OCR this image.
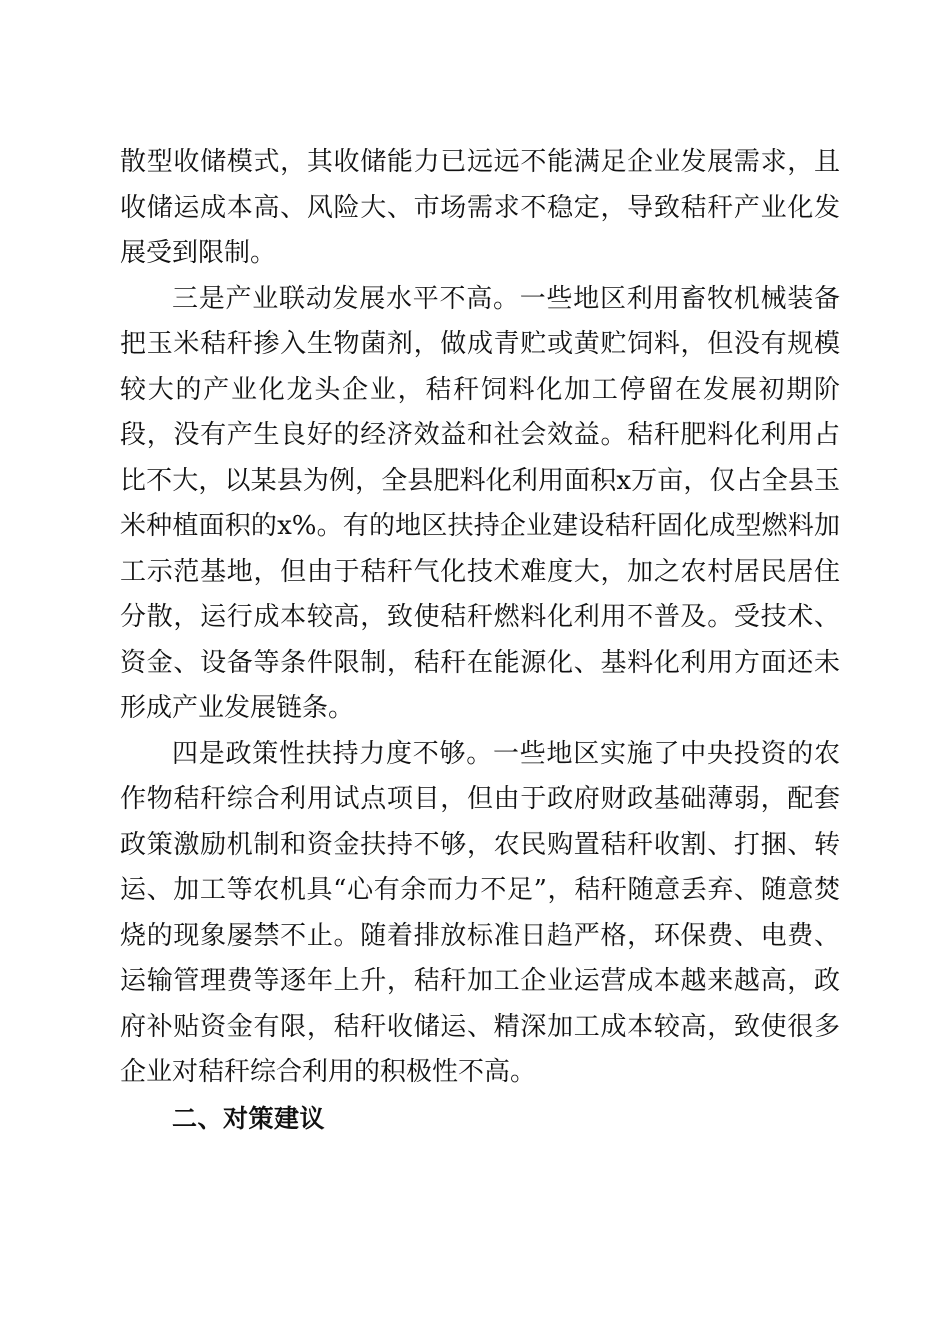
散型收储模式，其收储能力已远远不能满足企业发展需求，且收储运成本高、风险大、市场需求不稳定，导致秸秆产业化发展受到限制。

三是产业联动发展水平不高。一些地区利用畜牧机械装备把玉米秸秆掺入生物菌剂，做成青贮或黄贮饲料，但没有规模较大的产业化龙头企业，秸秆饲料化加工停留在发展初期阶段，没有产生良好的经济效益和社会效益。秸秆肥料化利用占比不大，以某县为例，全县肥料化利用面积x万亩，仅占全县玉米种植面积的x%。有的地区扶持企业建设秸秆固化成型燃料加工示范基地，但由于秸秆气化技术难度大，加之农村居民居住分散，运行成本较高，致使秸秆燃料化利用不普及。受技术、资金、设备等条件限制，秸秆在能源化、基料化利用方面还未形成产业发展链条。

四是政策性扶持力度不够。一些地区实施了中央投资的农作物秸秆综合利用试点项目，但由于政府财政基础薄弱，配套政策激励机制和资金扶持不够，农民购置秸秆收割、打捆、转运、加工等农机具“心有余而力不足”，秸秆随意丢弃、随意焚烧的现象屡禁不止。随着排放标准日趋严格，环保费、电费、运输管理费等逐年上升，秸秆加工企业运营成本越来越高，政府补贴资金有限，秸秆收储运、精深加工成本较高，致使很多企业对秸秆综合利用的积极性不高。

二、对策建议
